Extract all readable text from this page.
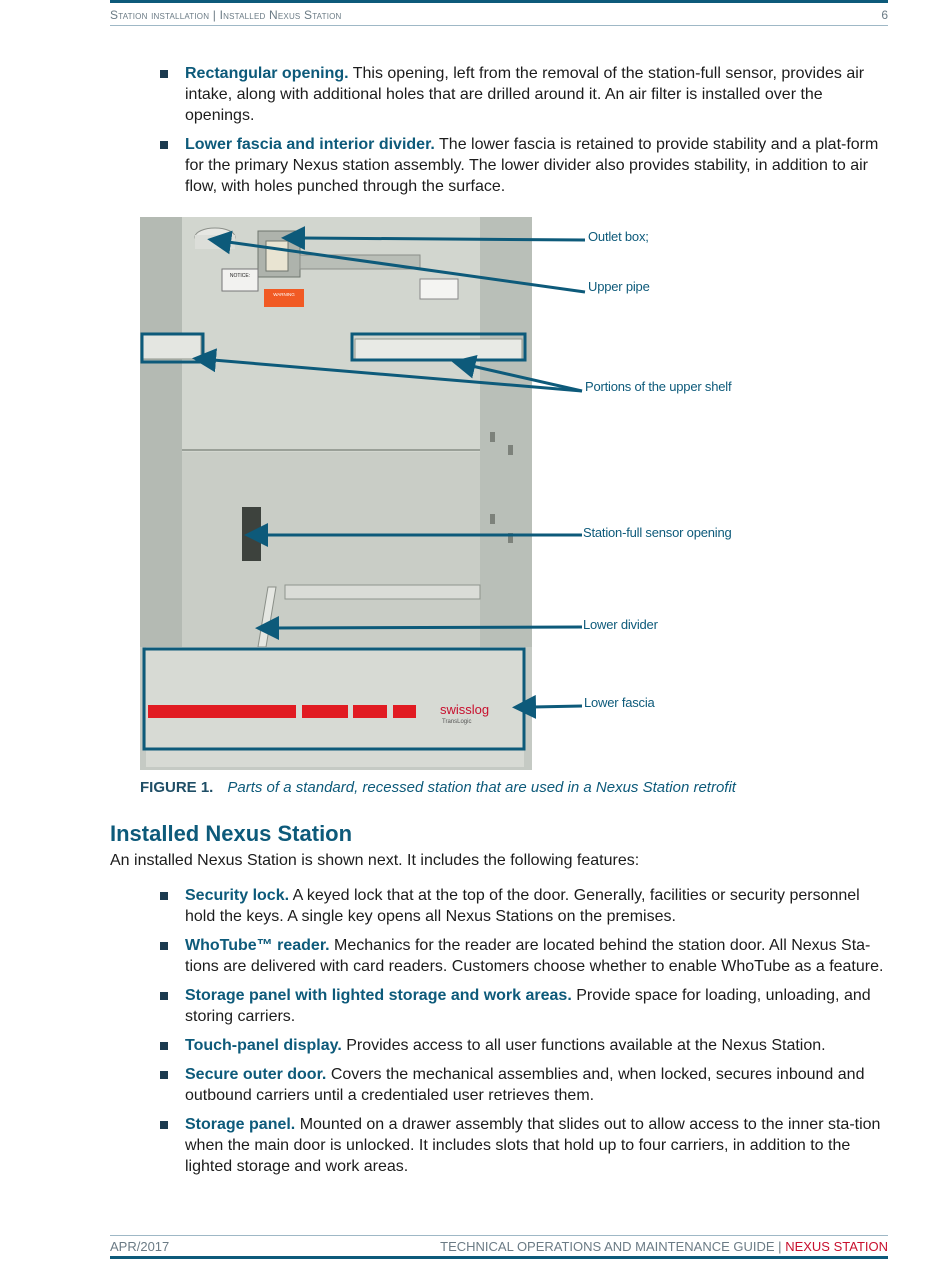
Station installation | Installed Nexus Station	6
Rectangular opening. This opening, left from the removal of the station-full sensor, provides air intake, along with additional holes that are drilled around it. An air filter is installed over the openings.
Lower fascia and interior divider. The lower fascia is retained to provide stability and a plat-form for the primary Nexus station assembly. The lower divider also provides stability, in addition to air flow, with holes punched through the surface.
NOTICE:
WARNING
swisslog
TransLogic
Outlet box;
Upper pipe
Portions of the upper shelf
Station-full sensor opening
Lower divider
Lower fascia
FIGURE 1. Parts of a standard, recessed station that are used in a Nexus Station retrofit
Installed Nexus Station

An installed Nexus Station is shown next. It includes the following features:

Security lock. A keyed lock that at the top of the door. Generally, facilities or security personnel hold the keys. A single key opens all Nexus Stations on the premises.
WhoTube™ reader. Mechanics for the reader are located behind the station door. All Nexus Sta-tions are delivered with card readers. Customers choose whether to enable WhoTube as a feature.
Storage panel with lighted storage and work areas. Provide space for loading, unloading, and storing carriers.
Touch-panel display. Provides access to all user functions available at the Nexus Station.
Secure outer door. Covers the mechanical assemblies and, when locked, secures inbound and outbound carriers until a credentialed user retrieves them.
Storage panel. Mounted on a drawer assembly that slides out to allow access to the inner sta-tion when the main door is unlocked. It includes slots that hold up to four carriers, in addition to the lighted storage and work areas.
APR/2017	TECHNICAL OPERATIONS AND MAINTENANCE GUIDE | NEXUS STATION
